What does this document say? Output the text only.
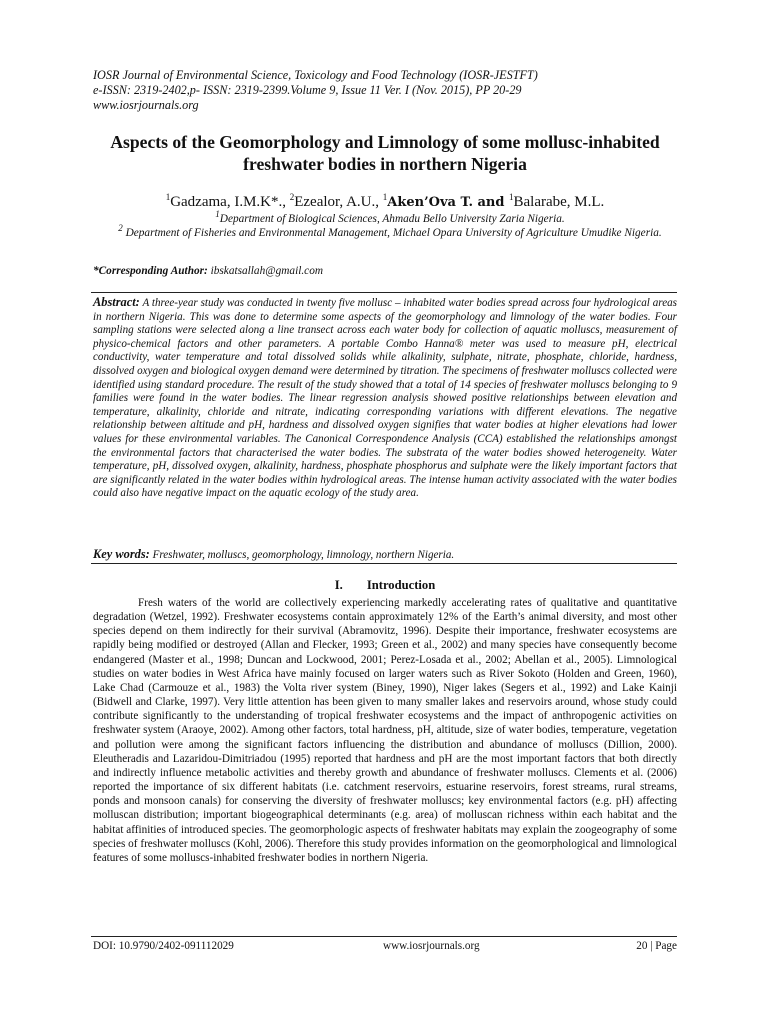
IOSR Journal of Environmental Science, Toxicology and Food Technology (IOSR-JESTFT)
e-ISSN: 2319-2402,p- ISSN: 2319-2399.Volume 9, Issue 11 Ver. I (Nov. 2015), PP 20-29
www.iosrjournals.org
Aspects of the Geomorphology and Limnology of some mollusc-inhabited freshwater bodies in northern Nigeria
$^1$Gadzama, I.M.K*., $^2$Ezealor, A.U., $^1$Aken’Ova T. and $^1$Balarabe, M.L.
$^1$Department of Biological Sciences, Ahmadu Bello University Zaria Nigeria.
$^2$ Department of Fisheries and Environmental Management, Michael Opara University of Agriculture Umudike Nigeria.
*Corresponding Author: ibskatsallah@gmail.com
Abstract: A three-year study was conducted in twenty five mollusc – inhabited water bodies spread across four hydrological areas in northern Nigeria. This was done to determine some aspects of the geomorphology and limnology of the water bodies. Four sampling stations were selected along a line transect across each water body for collection of aquatic molluscs, measurement of physico-chemical factors and other parameters. A portable Combo Hanna® meter was used to measure pH, electrical conductivity, water temperature and total dissolved solids while alkalinity, sulphate, nitrate, phosphate, chloride, hardness, dissolved oxygen and biological oxygen demand were determined by titration. The specimens of freshwater molluscs collected were identified using standard procedure. The result of the study showed that a total of 14 species of freshwater molluscs belonging to 9 families were found in the water bodies. The linear regression analysis showed positive relationships between elevation and temperature, alkalinity, chloride and nitrate, indicating corresponding variations with different elevations. The negative relationship between altitude and pH, hardness and dissolved oxygen signifies that water bodies at higher elevations had lower values for these environmental variables. The Canonical Correspondence Analysis (CCA) established the relationships amongst the environmental factors that characterised the water bodies. The substrata of the water bodies showed heterogeneity. Water temperature, pH, dissolved oxygen, alkalinity, hardness, phosphate phosphorus and sulphate were the likely important factors that are significantly related in the water bodies within hydrological areas. The intense human activity associated with the water bodies could also have negative impact on the aquatic ecology of the study area.
Key words: Freshwater, molluscs, geomorphology, limnology, northern Nigeria.
I. Introduction
Fresh waters of the world are collectively experiencing markedly accelerating rates of qualitative and quantitative degradation (Wetzel, 1992). Freshwater ecosystems contain approximately 12% of the Earth’s animal diversity, and most other species depend on them indirectly for their survival (Abramovitz, 1996). Despite their importance, freshwater ecosystems are rapidly being modified or destroyed (Allan and Flecker, 1993; Green et al., 2002) and many species have consequently become endangered (Master et al., 1998; Duncan and Lockwood, 2001; Perez-Losada et al., 2002; Abellan et al., 2005). Limnological studies on water bodies in West Africa have mainly focused on larger waters such as River Sokoto (Holden and Green, 1960), Lake Chad (Carmouze et al., 1983) the Volta river system (Biney, 1990), Niger lakes (Segers et al., 1992) and Lake Kainji (Bidwell and Clarke, 1997). Very little attention has been given to many smaller lakes and reservoirs around, whose study could contribute significantly to the understanding of tropical freshwater ecosystems and the impact of anthropogenic activities on freshwater system (Araoye, 2002). Among other factors, total hardness, pH, altitude, size of water bodies, temperature, vegetation and pollution were among the significant factors influencing the distribution and abundance of molluscs (Dillion, 2000). Eleutheradis and Lazaridou-Dimitriadou (1995) reported that hardness and pH are the most important factors that both directly and indirectly influence metabolic activities and thereby growth and abundance of freshwater molluscs. Clements et al. (2006) reported the importance of six different habitats (i.e. catchment reservoirs, estuarine reservoirs, forest streams, rural streams, ponds and monsoon canals) for conserving the diversity of freshwater molluscs; key environmental factors (e.g. pH) affecting molluscan distribution; important biogeographical determinants (e.g. area) of molluscan richness within each habitat and the habitat affinities of introduced species. The geomorphologic aspects of freshwater habitats may explain the zoogeography of some species of freshwater molluscs (Kohl, 2006). Therefore this study provides information on the geomorphological and limnological features of some molluscs-inhabited freshwater bodies in northern Nigeria.
DOI: 10.9790/2402-091112029	www.iosrjournals.org	20 | Page
